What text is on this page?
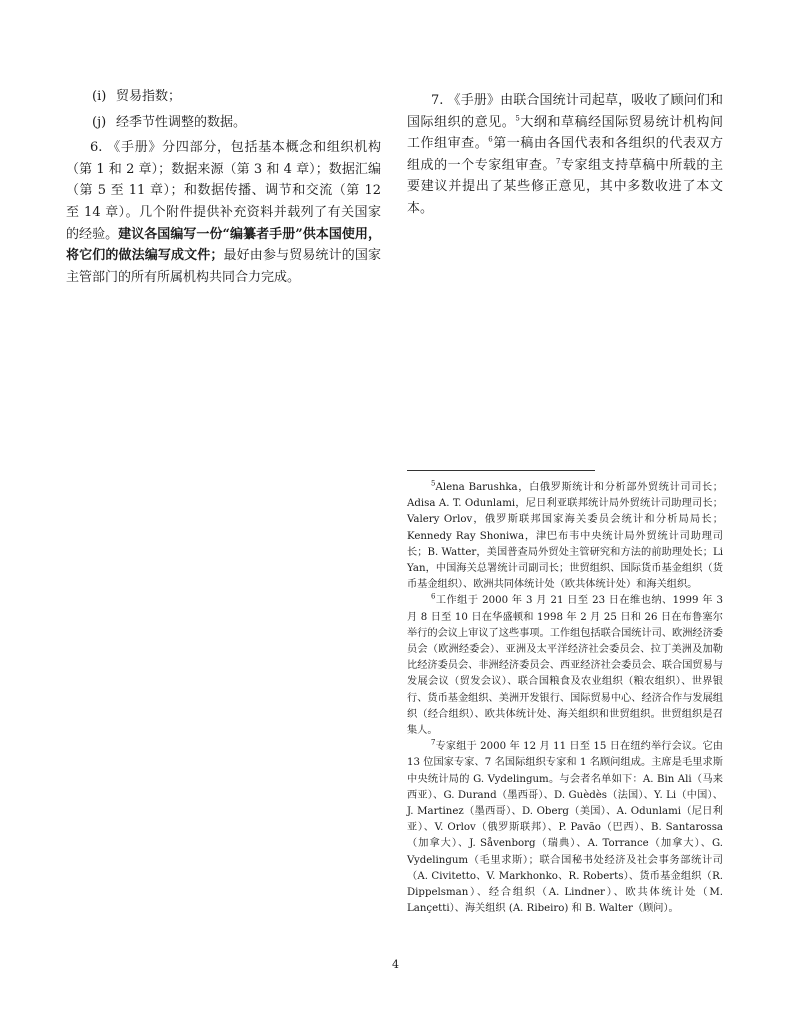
(i) 贸易指数；
(j) 经季节性调整的数据。

6. 《手册》分四部分，包括基本概念和组织机构（第 1 和 2 章）；数据来源（第 3 和 4 章）；数据汇编（第 5 至 11 章）；和数据传播、调节和交流（第 12 至 14 章）。几个附件提供补充资料并载列了有关国家的经验。建议各国编写一份“编纂者手册”供本国使用，将它们的做法编写成文件；最好由参与贸易统计的国家主管部门的所有所属机构共同合力完成。

7. 《手册》由联合国统计司起草，吸收了顾问们和国际组织的意见。$^5$大纲和草稿经国际贸易统计机构间工作组审查。$^6$第一稿由各国代表和各组织的代表双方组成的一个专家组审查。$^7$专家组支持草稿中所载的主要建议并提出了某些修正意见，其中多数收进了本文本。

$^5$Alena Barushka，白俄罗斯统计和分析部外贸统计司司长；Adisa A. T. Odunlami，尼日利亚联邦统计局外贸统计司助理司长；Valery Orlov，俄罗斯联邦国家海关委员会统计和分析局局长；Kennedy Ray Shoniwa，津巴布韦中央统计局外贸统计司助理司长；B. Watter，美国普查局外贸处主管研究和方法的前助理处长；Li Yan，中国海关总署统计司副司长；世贸组织、国际货币基金组织（货币基金组织）、欧洲共同体统计处（欧共体统计处）和海关组织。

$^6$工作组于 2000 年 3 月 21 日至 23 日在维也纳、1999 年 3 月 8 日至 10 日在华盛顿和 1998 年 2 月 25 日和 26 日在布鲁塞尔举行的会议上审议了这些事项。工作组包括联合国统计司、欧洲经济委员会（欧洲经委会）、亚洲及太平洋经济社会委员会、拉丁美洲及加勒比经济委员会、非洲经济委员会、西亚经济社会委员会、联合国贸易与发展会议（贸发会议）、联合国粮食及农业组织（粮农组织）、世界银行、货币基金组织、美洲开发银行、国际贸易中心、经济合作与发展组织（经合组织）、欧共体统计处、海关组织和世贸组织。世贸组织是召集人。

$^7$专家组于 2000 年 12 月 11 日至 15 日在纽约举行会议。它由 13 位国家专家、7 名国际组织专家和 1 名顾问组成。主席是毛里求斯中央统计局的 G. Vydelingum。与会者名单如下：A. Bin Ali（马来西亚）、G. Durand（墨西哥）、D. Guèdès（法国）、Y. Li（中国）、J. Martinez（墨西哥）、D. Oberg（美国）、A. Odunlami（尼日利亚）、V. Orlov（俄罗斯联邦）、P. Pavão（巴西）、B. Santarossa（加拿大）、J. Såvenborg（瑞典）、A. Torrance（加拿大）、G. Vydelingum（毛里求斯）；联合国秘书处经济及社会事务部统计司（A. Civitetto、V. Markhonko、R. Roberts）、货币基金组织（R. Dippelsman）、经合组织（A. Lindner）、欧共体统计处（M. Lançetti）、海关组织 (A. Ribeiro) 和 B. Walter（顾问）。

4
